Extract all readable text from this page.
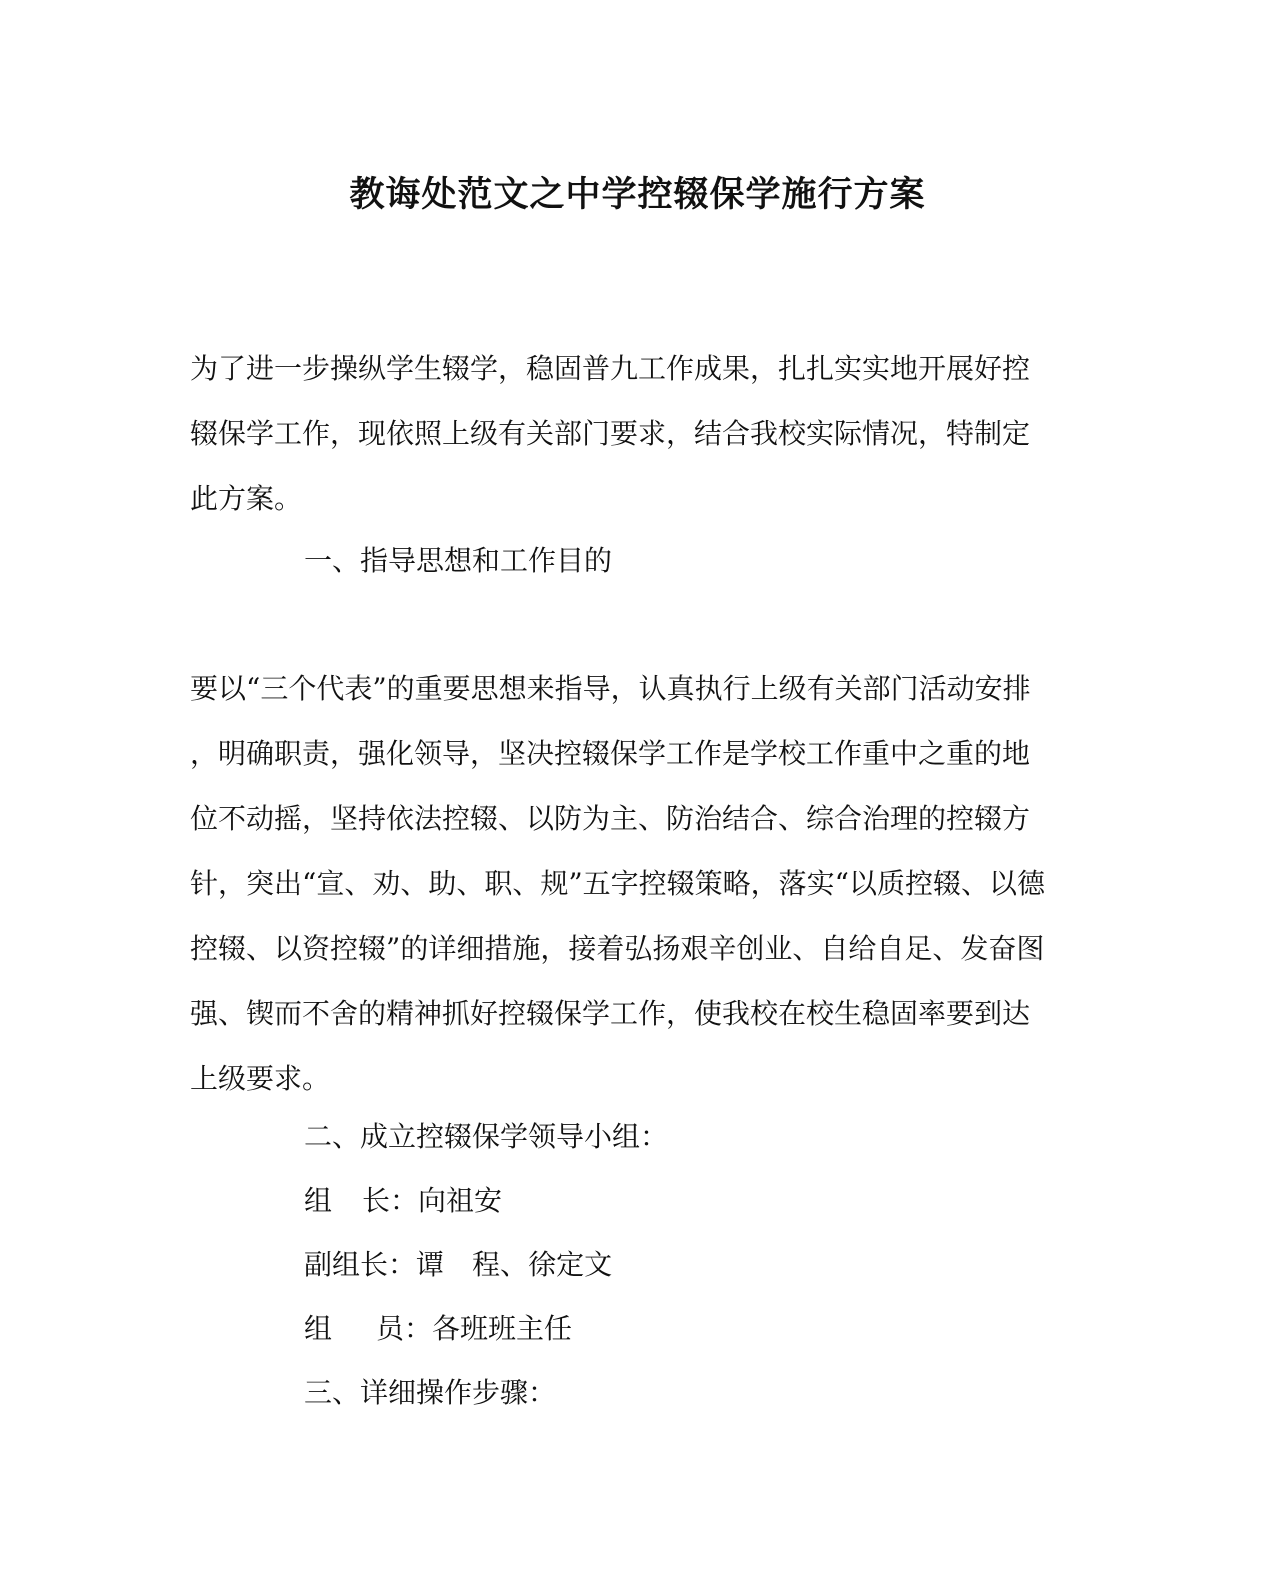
教诲处范文之中学控辍保学施行方案
为了进一步操纵学生辍学，稳固普九工作成果，扎扎实实地开展好控
辍保学工作，现依照上级有关部门要求，结合我校实际情况，特制定
此方案。
一、指导思想和工作目的
要以“三个代表”的重要思想来指导，认真执行上级有关部门活动安排
，明确职责，强化领导，坚决控辍保学工作是学校工作重中之重的地
位不动摇，坚持依法控辍、以防为主、防治结合、综合治理的控辍方
针，突出“宣、劝、助、职、规”五字控辍策略，落实“以质控辍、以德
控辍、以资控辍”的详细措施，接着弘扬艰辛创业、自给自足、发奋图
强、锲而不舍的精神抓好控辍保学工作，使我校在校生稳固率要到达
上级要求。
二、成立控辍保学领导小组：
组 长：向祖安
副组长：谭 程、徐定文
组 员：各班班主任
三、详细操作步骤：
